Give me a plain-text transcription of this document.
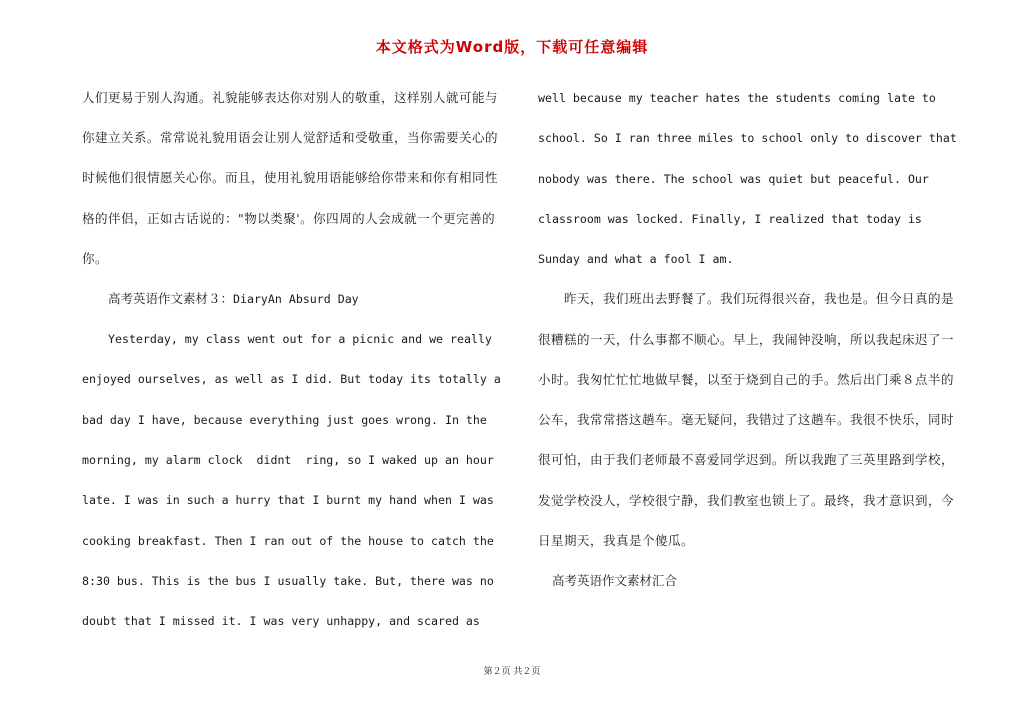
本文格式为Word版，下载可任意编辑

人们更易于别人沟通。礼貌能够表达你对别人的敬重，这样别人就可能与你建立关系。常常说礼貌用语会让别人觉舒适和受敬重，当你需要关心的时候他们很情愿关心你。而且，使用礼貌用语能够给你带来和你有相同性格的伴侣，正如古话说的："物以类聚'。你四周的人会成就一个更完善的你。

高考英语作文素材３：DiaryAn Absurd Day

Yesterday, my class went out for a picnic and we really enjoyed ourselves, as well as I did. But today its totally a bad day I have, because everything just goes wrong. In the morning, my alarm clock  didnt  ring, so I waked up an hour late. I was in such a hurry that I burnt my hand when I was cooking breakfast. Then I ran out of the house to catch the 8:30 bus. This is the bus I usually take. But, there was no doubt that I missed it. I was very unhappy, and scared as

well because my teacher hates the students coming late to school. So I ran three miles to school only to discover that nobody was there. The school was quiet but peaceful. Our classroom was locked. Finally, I realized that today is Sunday and what a fool I am.

昨天，我们班出去野餐了。我们玩得很兴奋，我也是。但今日真的是很糟糕的一天，什么事都不顺心。早上，我闹钟没响，所以我起床迟了一小时。我匆忙忙忙地做早餐，以至于烧到自己的手。然后出门乘８点半的公车，我常常搭这趟车。毫无疑问，我错过了这趟车。我很不快乐，同时很可怕，由于我们老师最不喜爱同学迟到。所以我跑了三英里路到学校，发觉学校没人，学校很宁静，我们教室也锁上了。最终，我才意识到，今日星期天，我真是个傻瓜。

高考英语作文素材汇合

第２页 共２页
